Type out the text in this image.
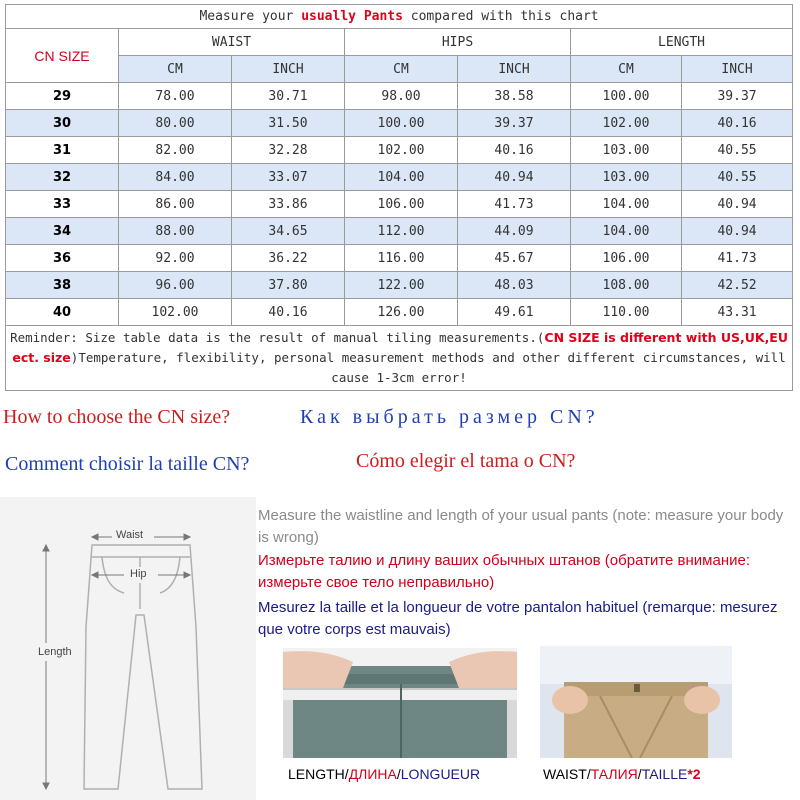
Measure your usually Pants compared with this chart						
CN SIZE	WAIST		HIPS		LENGTH	
	CM	INCH	CM	INCH	CM	INCH
29	78.00	30.71	98.00	38.58	100.00	39.37
30	80.00	31.50	100.00	39.37	102.00	40.16
31	82.00	32.28	102.00	40.16	103.00	40.55
32	84.00	33.07	104.00	40.94	103.00	40.55
33	86.00	33.86	106.00	41.73	104.00	40.94
34	88.00	34.65	112.00	44.09	104.00	40.94
36	92.00	36.22	116.00	45.67	106.00	41.73
38	96.00	37.80	122.00	48.03	108.00	42.52
40	102.00	40.16	126.00	49.61	110.00	43.31
Reminder: Size table data is the result of manual tiling measurements.(CN SIZE is different with US,UK,EU ect. size)Temperature, flexibility, personal measurement methods and other different circumstances, will cause 1-3cm error!						
How to choose the CN size?	Как выбрать размер CN?
Comment choisir la taille CN?	Cómo elegir el tama o CN?
Waist
Hip
Length
Measure the waistline and length of your usual pants (note: measure your body is wrong)
Измерьте талию и длину ваших обычных штанов (обратите внимание: измерьте свое тело неправильно)
Mesurez la taille et la longueur de votre pantalon habituel (remarque: mesurez que votre corps est mauvais)
LENGTH/ДЛИНА/LONGUEUR	WAIST/ТАЛИЯ/TAILLE*2
